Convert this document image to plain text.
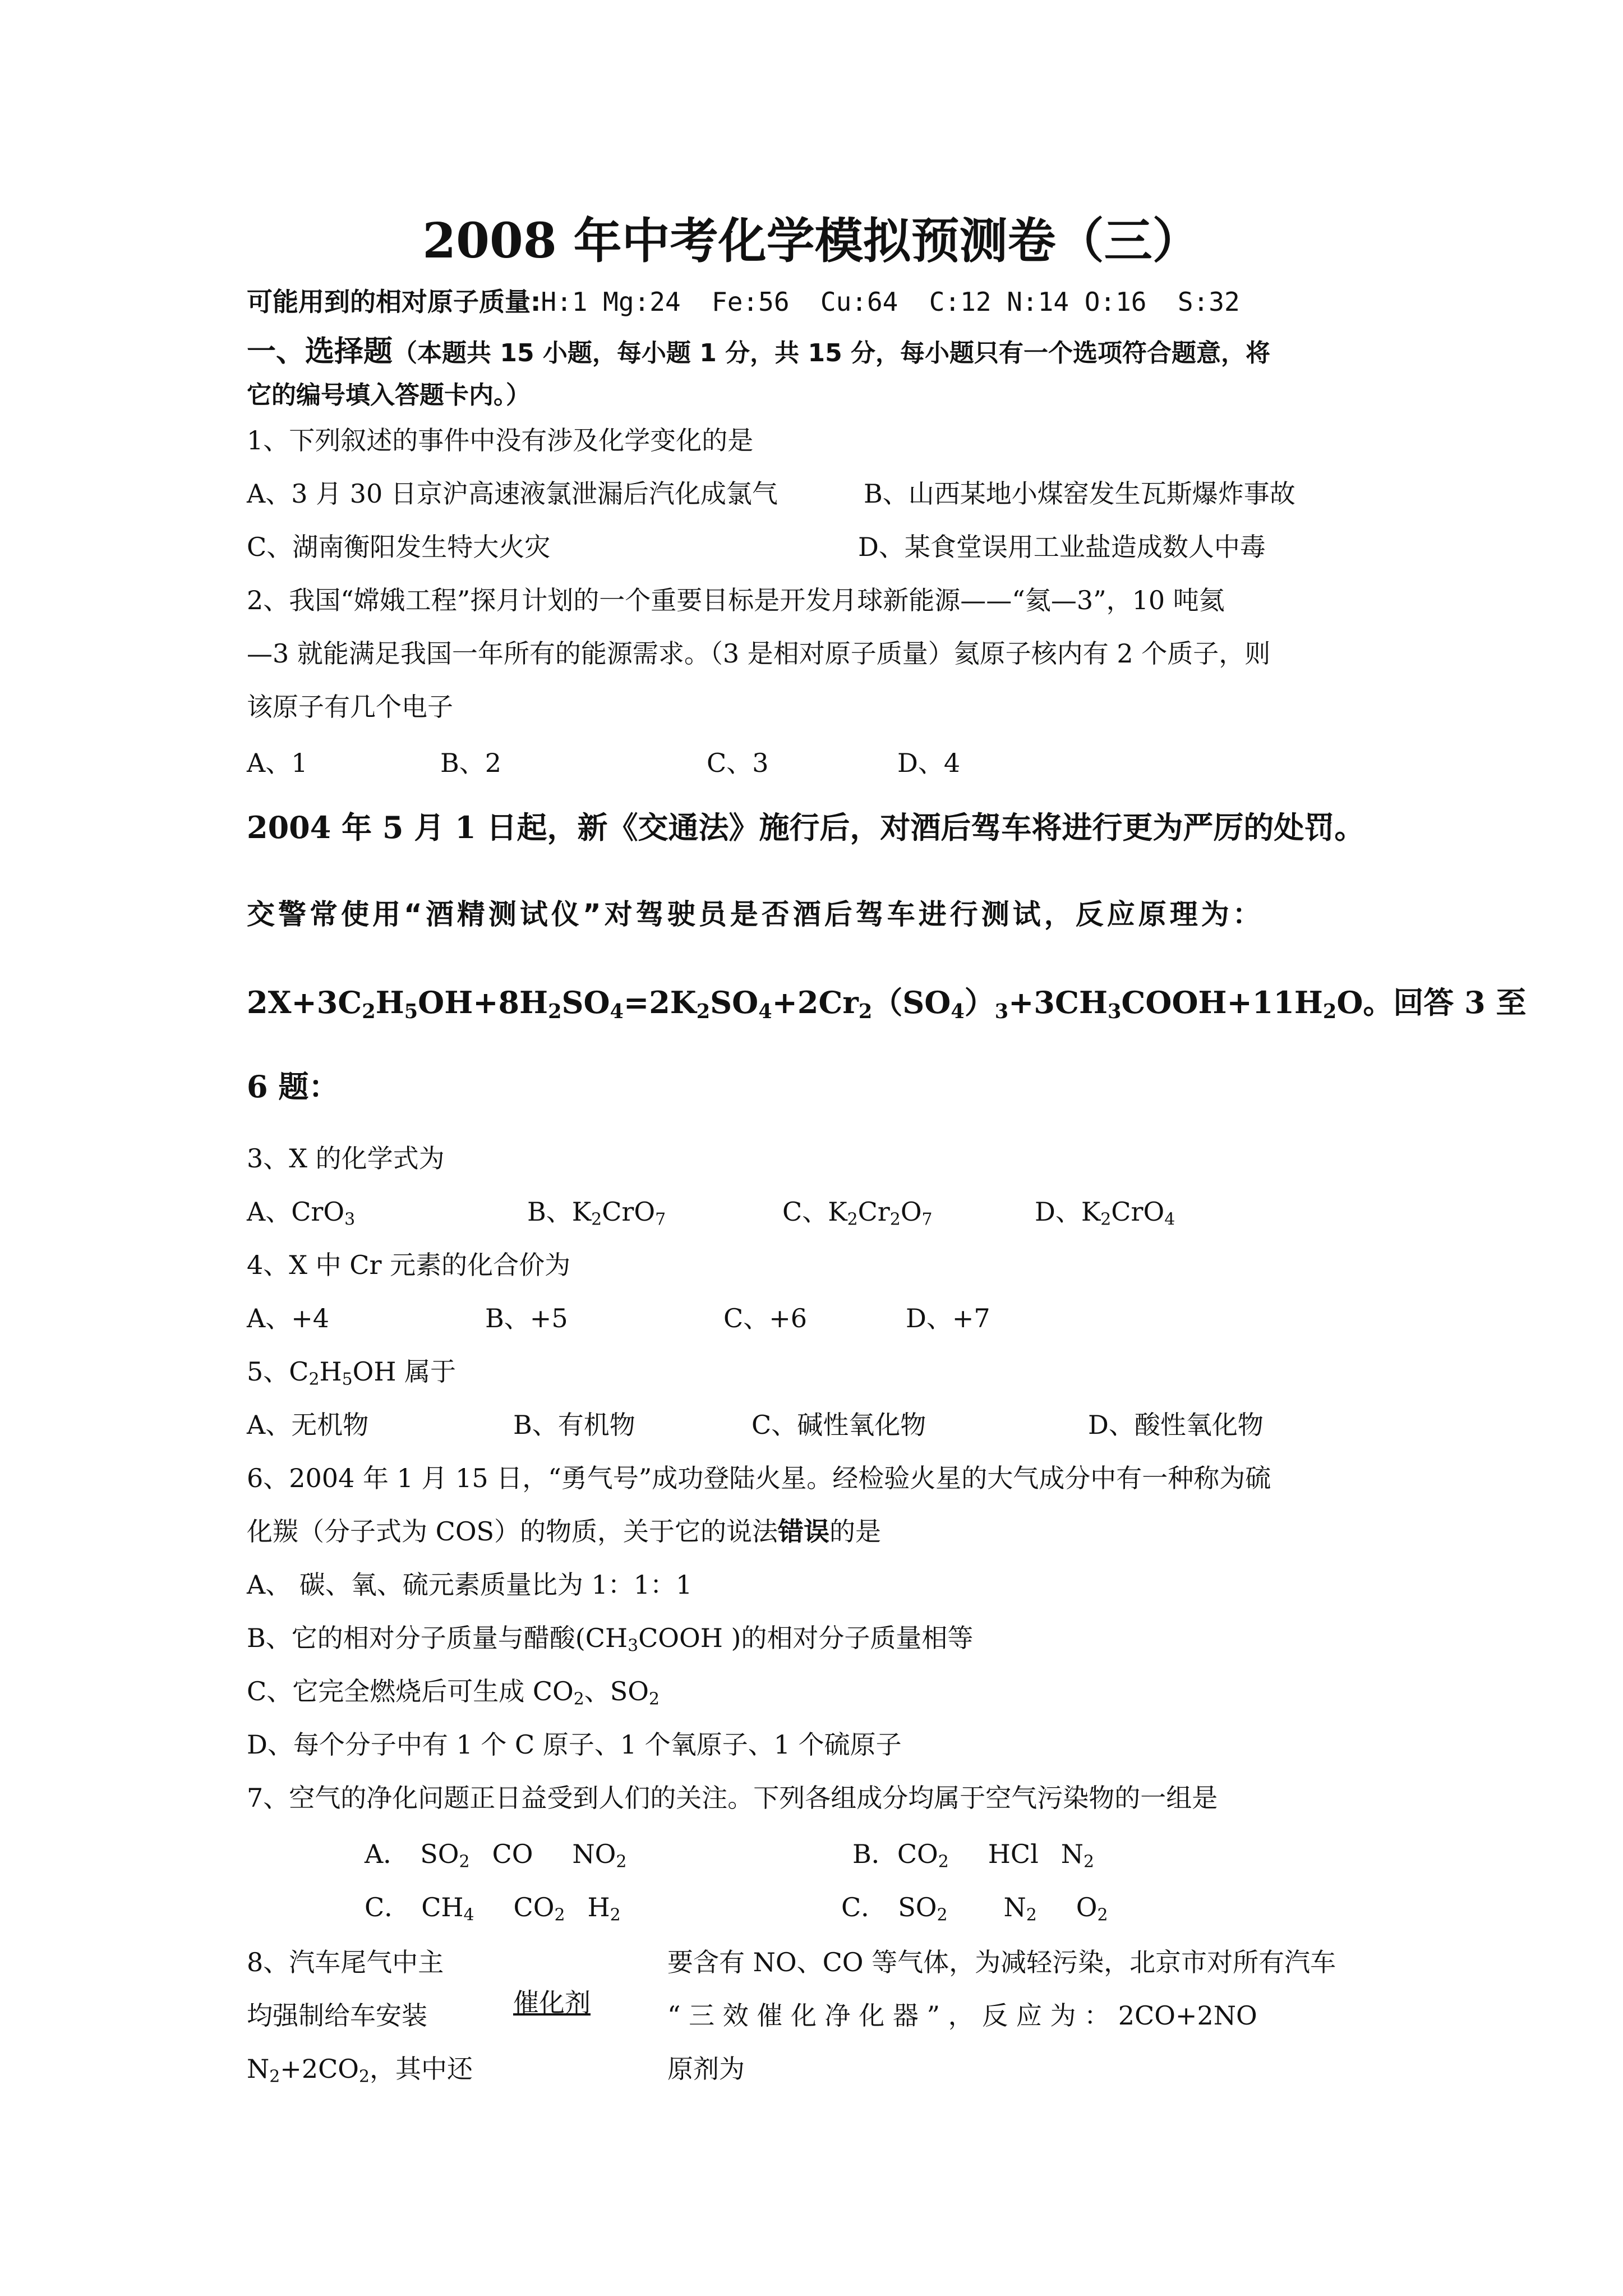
2008 年中考化学模拟预测卷（三）
可能用到的相对原子质量:H:1 Mg:24  Fe:56  Cu:64  C:12 N:14 O:16  S:32
一、选择题（本题共 15 小题，每小题 1 分，共 15 分，每小题只有一个选项符合题意，将
它的编号填入答题卡内。）
1、下列叙述的事件中没有涉及化学变化的是
A、3 月 30 日京沪高速液氯泄漏后汽化成氯气	B、山西某地小煤窑发生瓦斯爆炸事故
C、湖南衡阳发生特大火灾	D、某食堂误用工业盐造成数人中毒
2、我国“嫦娥工程”探月计划的一个重要目标是开发月球新能源——“氦—3”，10 吨氦
—3 就能满足我国一年所有的能源需求。（3 是相对原子质量）氦原子核内有 2 个质子，则
该原子有几个电子
A、1	B、2	C、3	D、4
2004 年 5 月 1 日起，新《交通法》施行后，对酒后驾车将进行更为严厉的处罚。
交警常使用“酒精测试仪”对驾驶员是否酒后驾车进行测试，反应原理为：
$2X+3C_2H_5OH+8H_2SO_4=2K_2SO_4+2Cr_2(SO_4)_3+3CH_3COOH+11H_2O$。回答 3 至
6 题：
3、X 的化学式为
A、CrO$_3$	B、$K_2CrO_7$	C、$K_2Cr_2O_7$	D、$K_2CrO_4$
4、X 中 Cr 元素的化合价为
A、+4	B、+5	C、+6	D、+7
5、$C_2H_5OH$ 属于
A、无机物	B、有机物	C、碱性氧化物	D、酸性氧化物
6、2004 年 1 月 15 日，“勇气号”成功登陆火星。经检验火星的大气成分中有一种称为硫
化羰（分子式为 COS）的物质，关于它的说法错误的是
A、 碳、氧、硫元素质量比为 1：1：1
B、它的相对分子质量与醋酸($CH_3COOH$ )的相对分子质量相等
C、它完全燃烧后可生成 $CO_2$、$SO_2$
D、每个分子中有 1 个 C 原子、1 个氧原子、1 个硫原子
7、空气的净化问题正日益受到人们的关注。下列各组成分均属于空气污染物的一组是
A． $SO_2$ CO $NO_2$	B．$CO_2$ HCl $N_2$
C． $CH_4$ $CO_2$ $H_2$	C． $SO_2$ $N_2$ $O_2$
8、汽车尾气中主
均强制给车安装
$N_2+2CO_2$，其中还
催化剂
要含有 NO、CO 等气体，为减轻污染，北京市对所有汽车
“ 三 效 催 化 净 化 器 ” ， 反 应 为 ： 2CO+2NO
原剂为
